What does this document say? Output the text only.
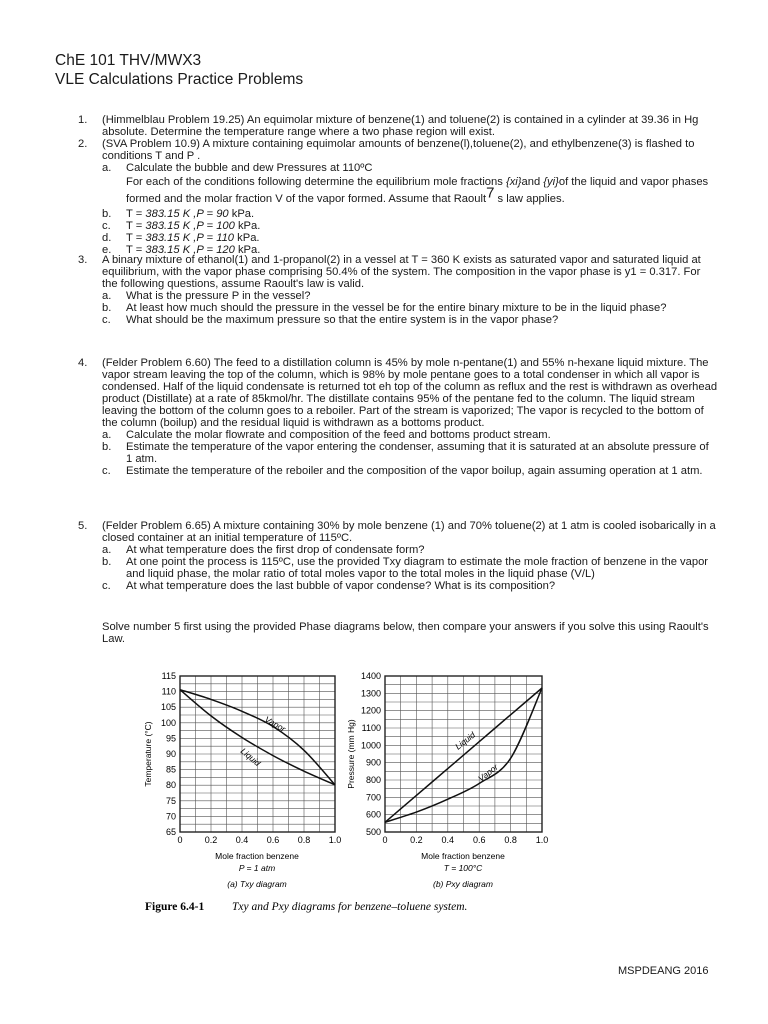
ChE 101 THV/MWX3
VLE Calculations Practice Problems
1. (Himmelblau Problem 19.25) An equimolar mixture of benzene(1) and toluene(2) is contained in a cylinder at 39.36 in Hg absolute. Determine the temperature range where a two phase region will exist.
2. (SVA Problem 10.9) A mixture containing equimolar amounts of benzene(l),toluene(2), and ethylbenzene(3) is flashed to conditions T and P .
a. Calculate the bubble and dew Pressures at 110ºC
For each of the conditions following determine the equilibrium mole fractions {xi}and {yi}of the liquid and vapor phases formed and the molar fraction V of the vapor formed. Assume that Raoult$^7$ s law applies.
b. T = 383.15 K ,P = 90 kPa.
c. T = 383.15 K ,P = 100 kPa.
d. T = 383.15 K ,P = 110 kPa.
e. T = 383.15 K ,P = 120 kPa.
3. A binary mixture of ethanol(1) and 1-propanol(2) in a vessel at T = 360 K exists as saturated vapor and saturated liquid at equilibrium, with the vapor phase comprising 50.4% of the system. The composition in the vapor phase is y1 = 0.317. For the following questions, assume Raoult's law is valid.
a. What is the pressure P in the vessel?
b. At least how much should the pressure in the vessel be for the entire binary mixture to be in the liquid phase?
c. What should be the maximum pressure so that the entire system is in the vapor phase?
4. (Felder Problem 6.60) The feed to a distillation column is 45% by mole n-pentane(1) and 55% n-hexane liquid mixture. The vapor stream leaving the top of the column, which is 98% by mole pentane goes to a total condenser in which all vapor is condensed. Half of the liquid condensate is returned tot eh top of the column as reflux and the rest is withdrawn as overhead product (Distillate) at a rate of 85kmol/hr. The distillate contains 95% of the pentane fed to the column. The liquid stream leaving the bottom of the column goes to a reboiler. Part of the stream is vaporized; The vapor is recycled to the bottom of the column (boilup) and the residual liquid is withdrawn as a bottoms product.
a. Calculate the molar flowrate and composition of the feed and bottoms product stream.
b. Estimate the temperature of the vapor entering the condenser, assuming that it is saturated at an absolute pressure of 1 atm.
c. Estimate the temperature of the reboiler and the composition of the vapor boilup, again assuming operation at 1 atm.
5. (Felder Problem 6.65) A mixture containing 30% by mole benzene (1) and 70% toluene(2) at 1 atm is cooled isobarically in a closed container at an initial temperature of 115ºC.
a. At what temperature does the first drop of condensate form?
b. At one point the process is 115ºC, use the provided Txy diagram to estimate the mole fraction of benzene in the vapor and liquid phase, the molar ratio of total moles vapor to the total moles in the liquid phase (V/L)
c. At what temperature does the last bubble of vapor condense? What is its composition?
Solve number 5 first using the provided Phase diagrams below, then compare your answers if you solve this using Raoult's Law.
115
110
105
100
95
90
85
80
75
70
65
0 0.2 0.4 0.6 0.8 1.0
Vapor
Liquid
Temperature (°C)
Mole fraction benzene
P = 1 atm
(a) Txy diagram
1400
1300
1200
1100
1000
900
800
700
600
500
0	0.2 0.4 0.6 0.8 1.0
Liquid
Vapor
Pressure (mm Hg)
Mole fraction benzene
T = 100°C
(b) Pxy diagram
Figure 6.4-1 Txy and Pxy diagrams for benzene–toluene system.
MSPDEANG 2016
